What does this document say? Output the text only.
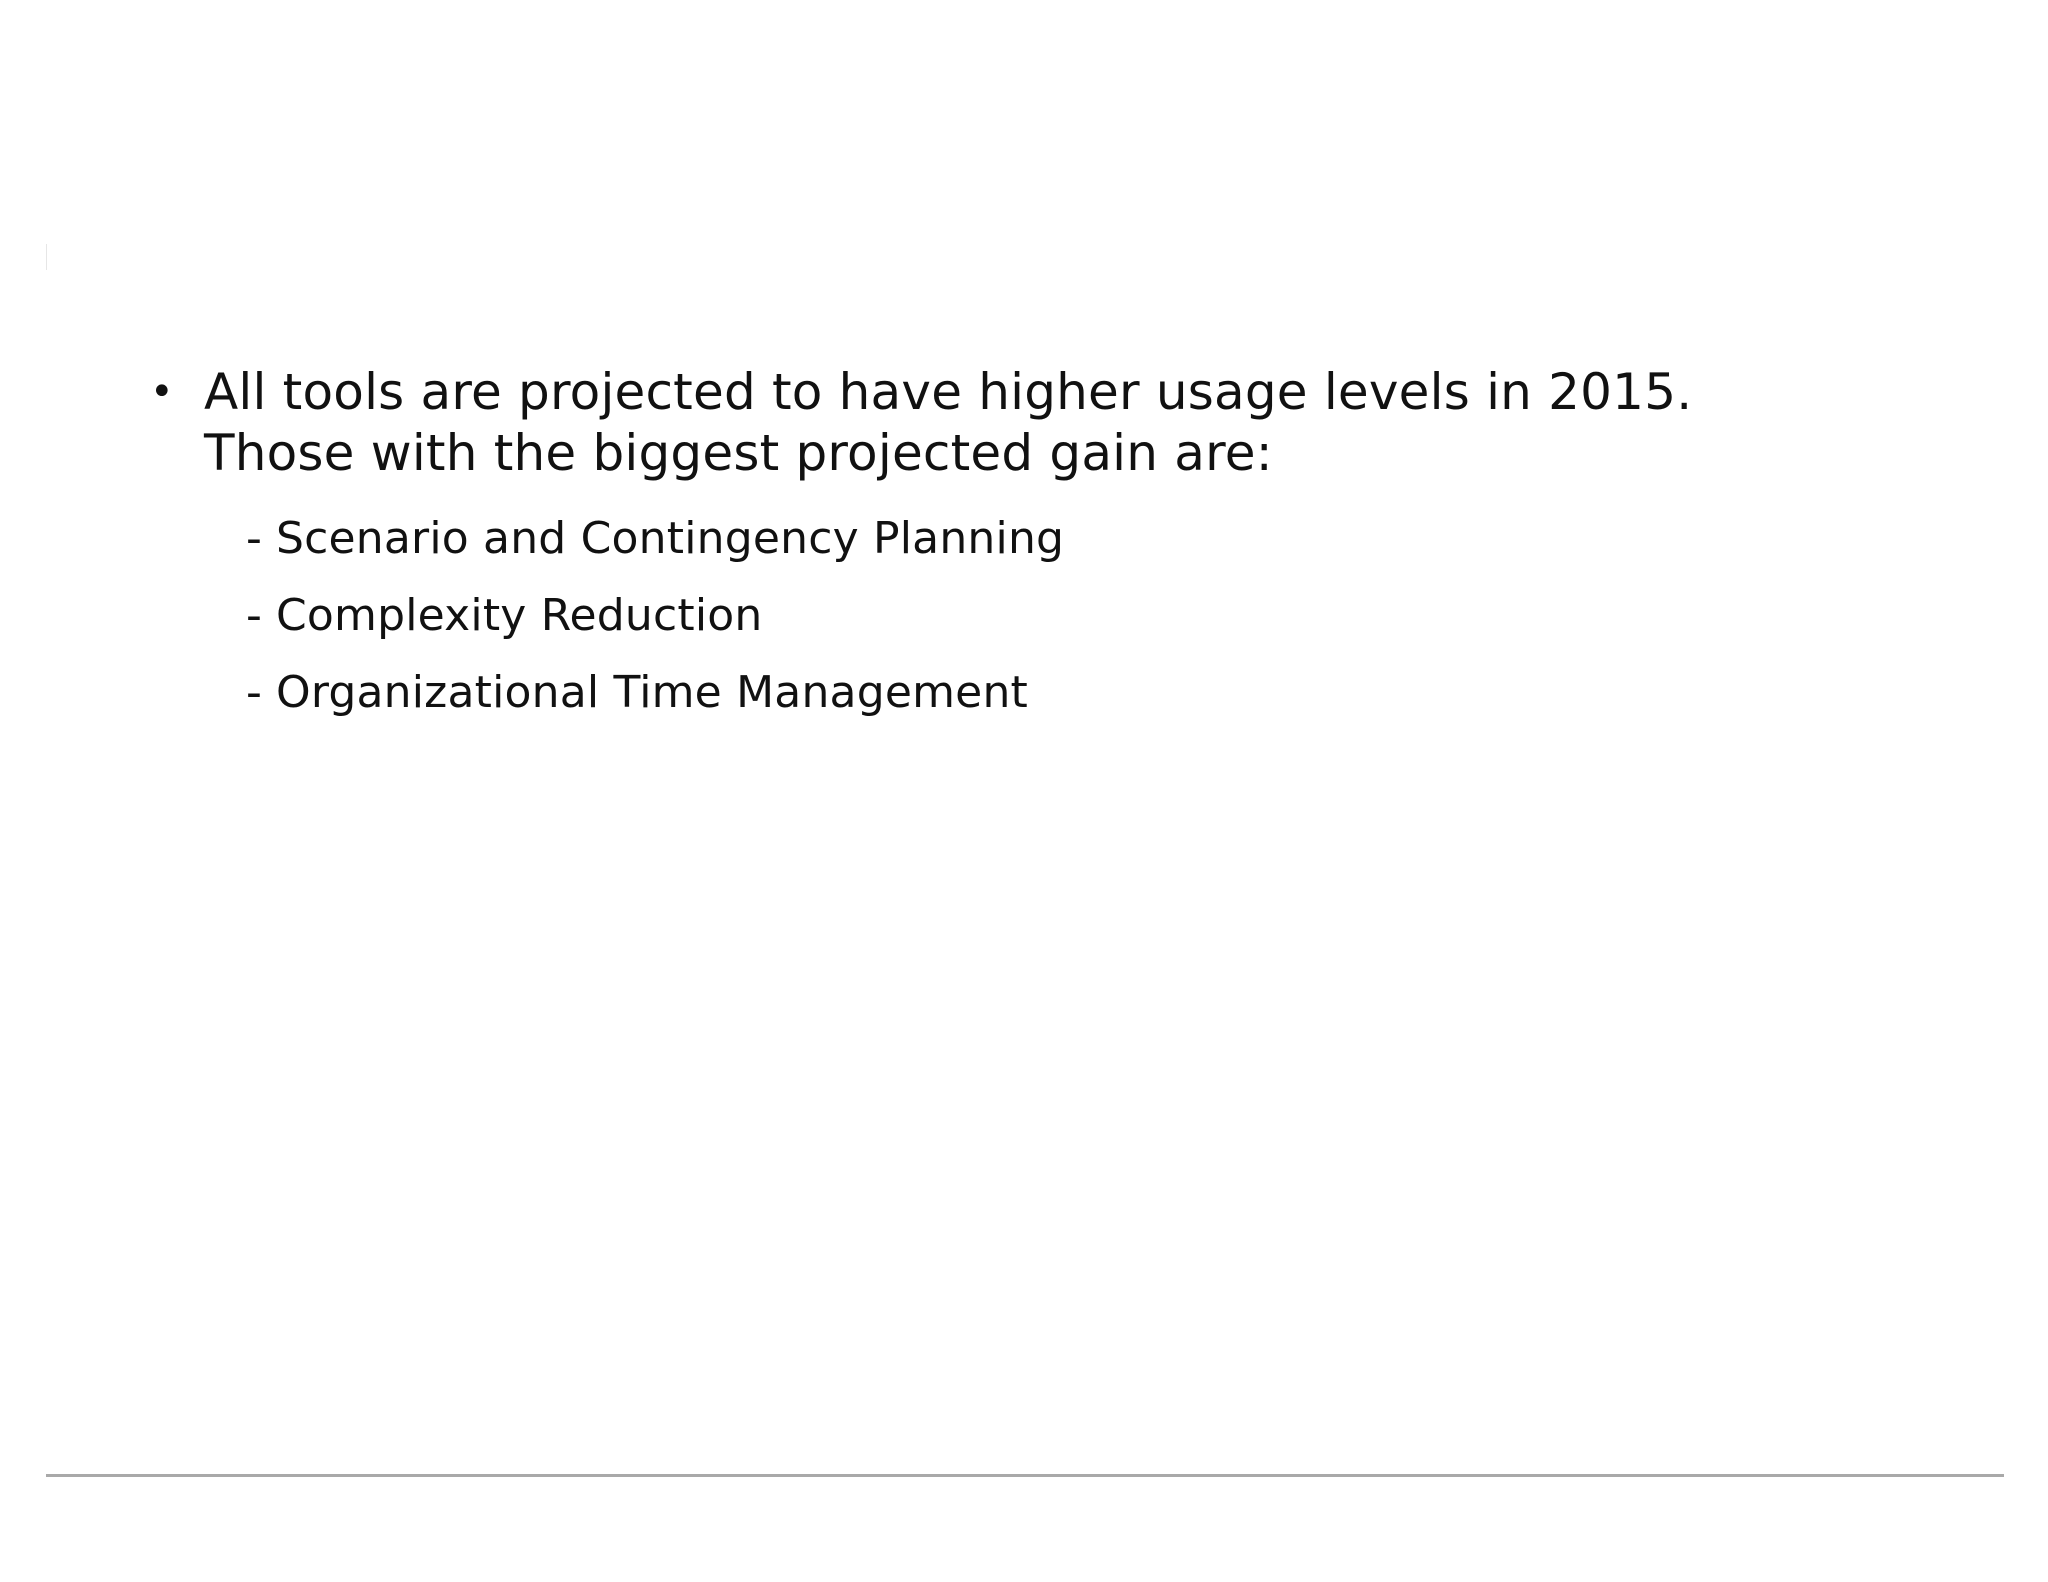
• All tools are projected to have higher usage levels in 2015. Those with the biggest projected gain are:
- Scenario and Contingency Planning
- Complexity Reduction
- Organizational Time Management
